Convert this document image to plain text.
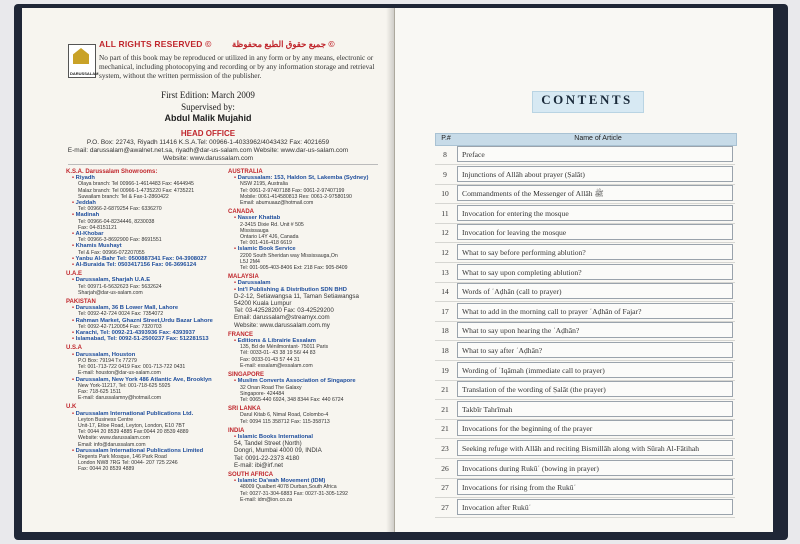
DARUSSALAM
ALL RIGHTS RESERVED © جميع حقوق الطبع محفوظة ©
No part of this book may be reproduced or utilized in any form or by any means, electronic or mechanical, including photocopying and recording or by any information storage and retrieval system, without the written permission of the publisher.
First Edition: March 2009
Supervised by:
Abdul Malik Mujahid
HEAD OFFICE
P.O. Box: 22743, Riyadh 11416 K.S.A.Tel: 00966-1-4033962/4043432 Fax: 4021659
E-mail: darussalam@awalnet.net.sa, riyadh@dar-us-salam.com Website: www.dar-us-salam.com
Website: www.darussalam.com
K.S.A. Darussalam Showrooms:
• Riyadh
Olaya branch: Tel 00966-1-4614483 Fax: 4644945
Malaz branch: Tel 00966-1-4735220 Fax: 4735221
Suwailam branch: Tel & Fax-1-2860422
• Jeddah
Tel: 00966-2-6879254 Fax: 6336270
• Madinah
Tel: 00966-04-8234446, 8230038
Fax: 04-8151121
• Al-Khobar
Tel: 00966-3-8692900 Fax: 8691551
• Khamis Mushayt
Tel & Fax: 00966-072207055
• Yanbu Al-Bahr Tel: 0500887341 Fax: 04-3908027
• Al-Buraida Tel: 0503417156 Fax: 06-3696124
U.A.E
• Darussalam, Sharjah U.A.E
Tel: 00971-6-5632623 Fax: 5632624
Sharjah@dar-us-salam.com
PAKISTAN
• Darussalam, 36 B Lower Mall, Lahore
Tel: 0092-42-724 0024 Fax: 7354072
• Rahman Market, Ghazni Street,Urdu Bazar Lahore
Tel: 0092-42-7120054 Fax: 7320703
• Karachi, Tel: 0092-21-4393936 Fax: 4393937
• Islamabad, Tel: 0092-51-2500237 Fax: 512281513
U.S.A
• Darussalam, Houston
P.O Box: 79194 Tx 77279
Tel: 001-713-722 0419 Fax: 001-713-722 0431
E-mail: houston@dar-us-salam.com
• Darussalam, New York 486 Atlantic Ave, Brooklyn
New York-11217, Tel: 001-718-625 5925
Fax: 718-625 1511
E-mail: darussalamny@hotmail.com
U.K
• Darussalam International Publications Ltd.
Leyton Business Centre
Unit-17, Etloe Road, Leyton, London, E10 7BT
Tel: 0044 20 8539 4885 Fax:0044 20 8539 4889
Website: www.darussalam.com
Email: info@darussalam.com
• Darussalam International Publications Limited
Regents Park Mosque, 146 Park Road
London NW8 7RG Tel: 0044- 207 725 2246
Fax: 0044 20 8539 4889
AUSTRALIA
• Darussalam: 153, Haldon St, Lakemba (Sydney)
NSW 2195, Australia
Tel: 0061-2-97407188 Fax: 0061-2-97407199
Mobile: 0061-414580813 Res: 0061-2-97580190
Email: abumuaaz@hotmail.com
CANADA
• Nasser Khattab
2-3415 Dixie Rd. Unit # 505
Mississauga
Ontario L4Y 4J6, Canada
Tel: 001-416-418 6619
• Islamic Book Service
2200 South Sheridan way Mississauga,On
L5J 2M4
Tel: 001-905-403-8406 Ext: 218 Fax: 905-8409
MALAYSIA
• Darussalam
• Int'l Publishing & Distribution SDN BHD
D-2-12, Setiawangsa 11, Taman Setiawangsa
54200 Kuala Lumpur
Tel: 03-42528200 Fax: 03-42529200
Email: darussalam@streamyx.com
Website: www.darussalam.com.my
FRANCE
• Editions & Librairie Essalam
135, Bd de Ménilmontant- 75011 Paris
Tél: 0033-01- 43 38 19 56/ 44 83
Fax: 0033-01-43 57 44 31
E-mail: essalam@essalam.com
SINGAPORE
• Muslim Converts Association of Singapore
32 Onan Road The Galaxy
Singapore- 424484
Tel: 0065-440 6924, 348 8344 Fax: 440 6724
SRI LANKA
Darul Kitab 6, Nimal Road, Colombo-4
Tel: 0094 115 358712 Fax: 115-358713
INDIA
• Islamic Books International
54, Tandel Street (North)
Dongri, Mumbai 4000 09, INDIA
Tel: 0091-22-2373 4180
E-mail: ibi@irf.net
SOUTH AFRICA
• Islamic Da'wah Movement (IDM)
48009 Qualbert 4078 Durban,South Africa
Tel: 0027-31-304-6883 Fax: 0027-31-305-1292
E-mail: idm@ion.co.za
CONTENTS
P.#	Name of Article
8	Preface
9	Injunctions of Allāh about prayer (Ṣalāt)
10	Commandments of the Messenger of Allāh ﷺ
11	Invocation for entering the mosque
12	Invocation for leaving the mosque
12	What to say before performing ablution?
13	What to say upon completing ablution?
14	Words of ʿAḍhān (call to prayer)
17	What to add in the morning call to prayer ʿAḍhān of Fajar?
18	What to say upon hearing the ʿAḍhān?
18	What to say after ʿAḍhān?
19	Wording of ʿIqāmah (immediate call to prayer)
21	Translation of the wording of Ṣalāt (the prayer)
21	Takbīr Tahrīmah
21	Invocations for the beginning of the prayer
23	Seeking refuge with Allāh and reciting Bismillāh along with Sūrah Al-Fātihah
26	Invocations during Rukūʿ (bowing in prayer)
27	Invocations for rising from the Rukūʿ
27	Invocation after Rukūʿ
